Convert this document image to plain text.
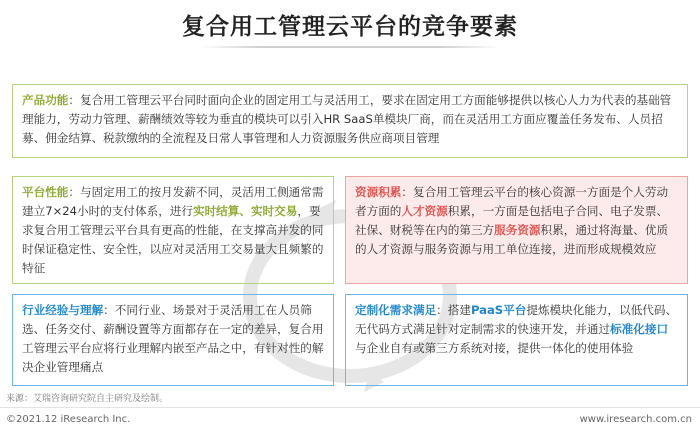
复合用工管理云平台的竞争要素
产品功能：复合用工管理云平台同时面向企业的固定用工与灵活用工，要求在固定用工方面能够提供以核心人力为代表的基础管理能力，劳动力管理、薪酬绩效等较为垂直的模块可以引入HR SaaS单模块厂商，而在灵活用工方面应覆盖任务发布、人员招募、佣金结算、税款缴纳的全流程及日常人事管理和人力资源服务供应商项目管理
平台性能：与固定用工的按月发薪不同，灵活用工侧通常需建立7×24小时的支付体系，进行实时结算、实时交易，要求复合用工管理云平台具有更高的性能，在支撑高并发的同时保证稳定性、安全性，以应对灵活用工交易量大且频繁的特征
资源积累：复合用工管理云平台的核心资源一方面是个人劳动者方面的人才资源积累，一方面是包括电子合同、电子发票、社保、财税等在内的第三方服务资源积累，通过将海量、优质的人才资源与服务资源与用工单位连接，进而形成规模效应
行业经验与理解：不同行业、场景对于灵活用工在人员筛选、任务交付、薪酬设置等方面都存在一定的差异，复合用工管理云平台应将行业理解内嵌至产品之中，有针对性的解决企业管理痛点
定制化需求满足：搭建PaaS平台提炼模块化能力，以低代码、无代码方式满足针对定制需求的快速开发，并通过标准化接口与企业自有或第三方系统对接，提供一体化的使用体验
来源：艾瑞咨询研究院自主研究及绘制。
©2021.12 iResearch Inc.	www.iresearch.com.cn
